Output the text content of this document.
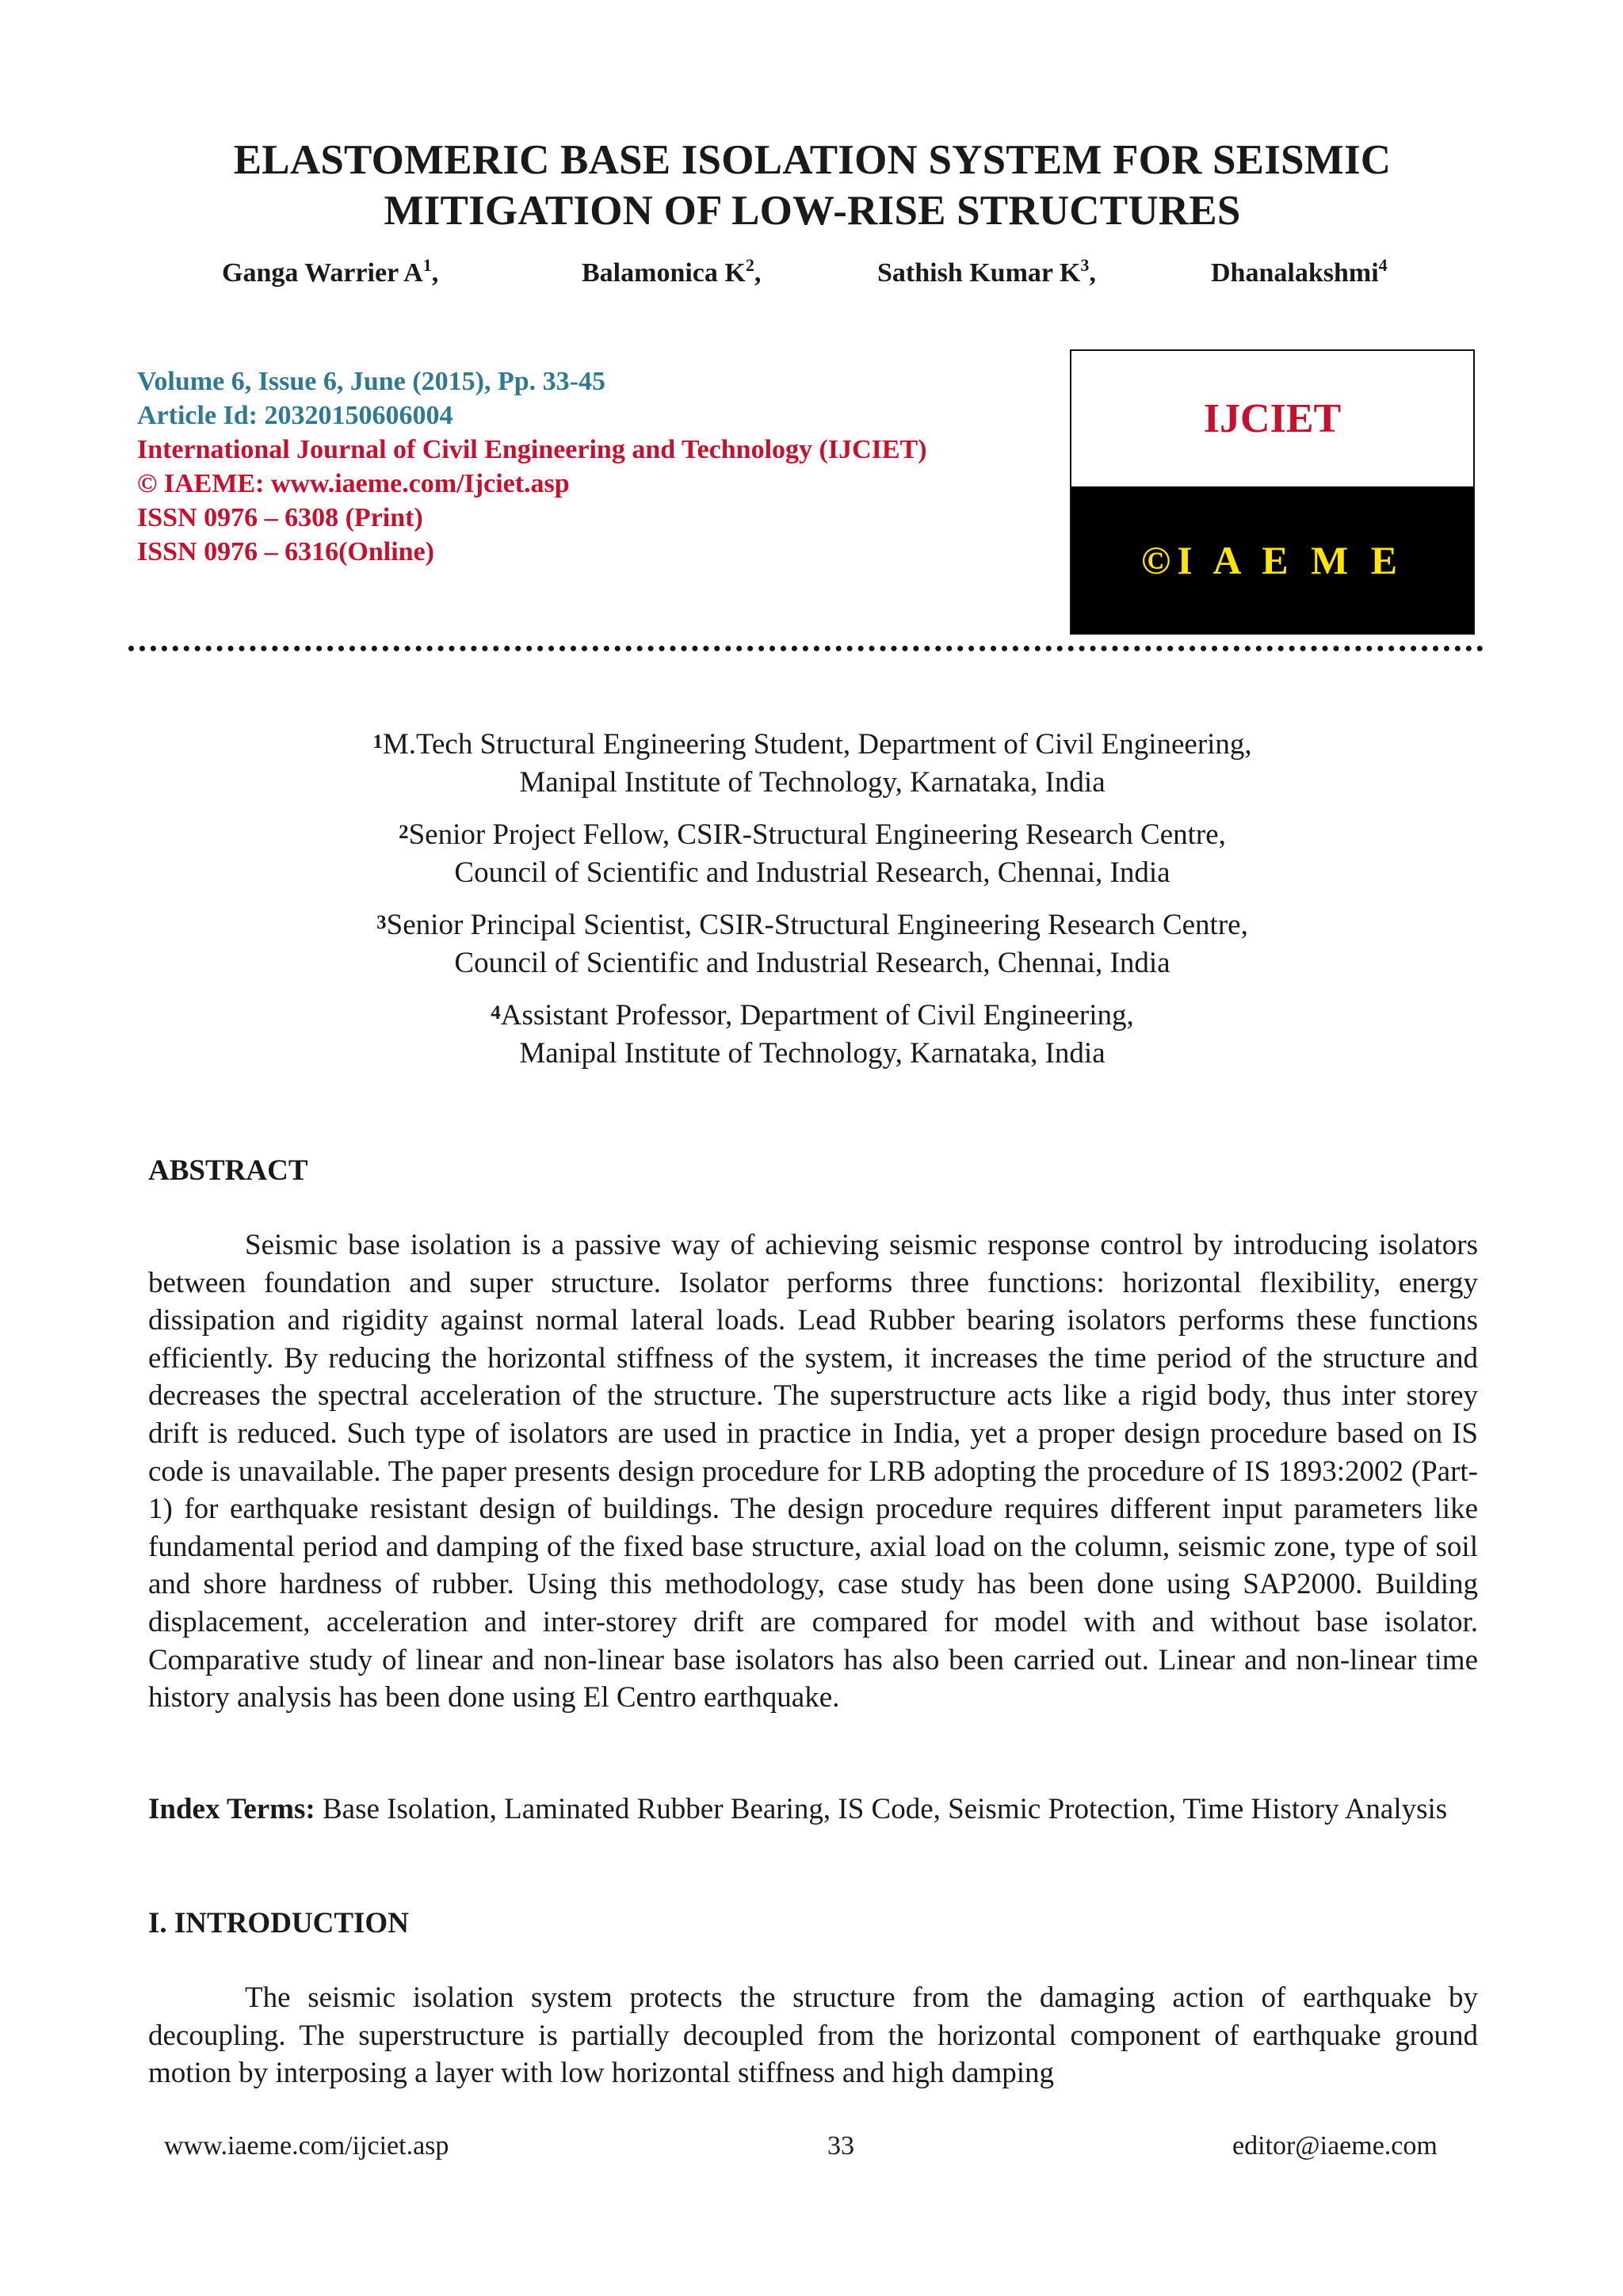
ELASTOMERIC BASE ISOLATION SYSTEM FOR SEISMIC MITIGATION OF LOW-RISE STRUCTURES
Ganga Warrier $A^1$,	Balamonica $K^2$,	Sathish Kumar $K^3$,	Dhanalakshmi$^4$
Volume 6, Issue 6, June (2015), Pp. 33-45
Article Id: 20320150606004
International Journal of Civil Engineering and Technology (IJCIET)
© IAEME: www.iaeme.com/Ijciet.asp
ISSN 0976 – 6308 (Print)
ISSN 0976 – 6316(Online)
IJCIET
©I A E M E
$^1$M.Tech Structural Engineering Student, Department of Civil Engineering,
Manipal Institute of Technology, Karnataka, India
$^2$Senior Project Fellow, CSIR-Structural Engineering Research Centre,
Council of Scientific and Industrial Research, Chennai, India
$^3$Senior Principal Scientist, CSIR-Structural Engineering Research Centre,
Council of Scientific and Industrial Research, Chennai, India
$^4$Assistant Professor, Department of Civil Engineering,
Manipal Institute of Technology, Karnataka, India
ABSTRACT
Seismic base isolation is a passive way of achieving seismic response control by introducing isolators between foundation and super structure. Isolator performs three functions: horizontal flexibility, energy dissipation and rigidity against normal lateral loads. Lead Rubber bearing isolators performs these functions efficiently. By reducing the horizontal stiffness of the system, it increases the time period of the structure and decreases the spectral acceleration of the structure. The superstructure acts like a rigid body, thus inter storey drift is reduced. Such type of isolators are used in practice in India, yet a proper design procedure based on IS code is unavailable. The paper presents design procedure for LRB adopting the procedure of IS 1893:2002 (Part-1) for earthquake resistant design of buildings. The design procedure requires different input parameters like fundamental period and damping of the fixed base structure, axial load on the column, seismic zone, type of soil and shore hardness of rubber. Using this methodology, case study has been done using SAP2000. Building displacement, acceleration and inter-storey drift are compared for model with and without base isolator. Comparative study of linear and non-linear base isolators has also been carried out. Linear and non-linear time history analysis has been done using El Centro earthquake.
Index Terms: Base Isolation, Laminated Rubber Bearing, IS Code, Seismic Protection, Time History Analysis
I. INTRODUCTION
The seismic isolation system protects the structure from the damaging action of earthquake by decoupling. The superstructure is partially decoupled from the horizontal component of earthquake ground motion by interposing a layer with low horizontal stiffness and high damping
www.iaeme.com/ijciet.asp	33	editor@iaeme.com
